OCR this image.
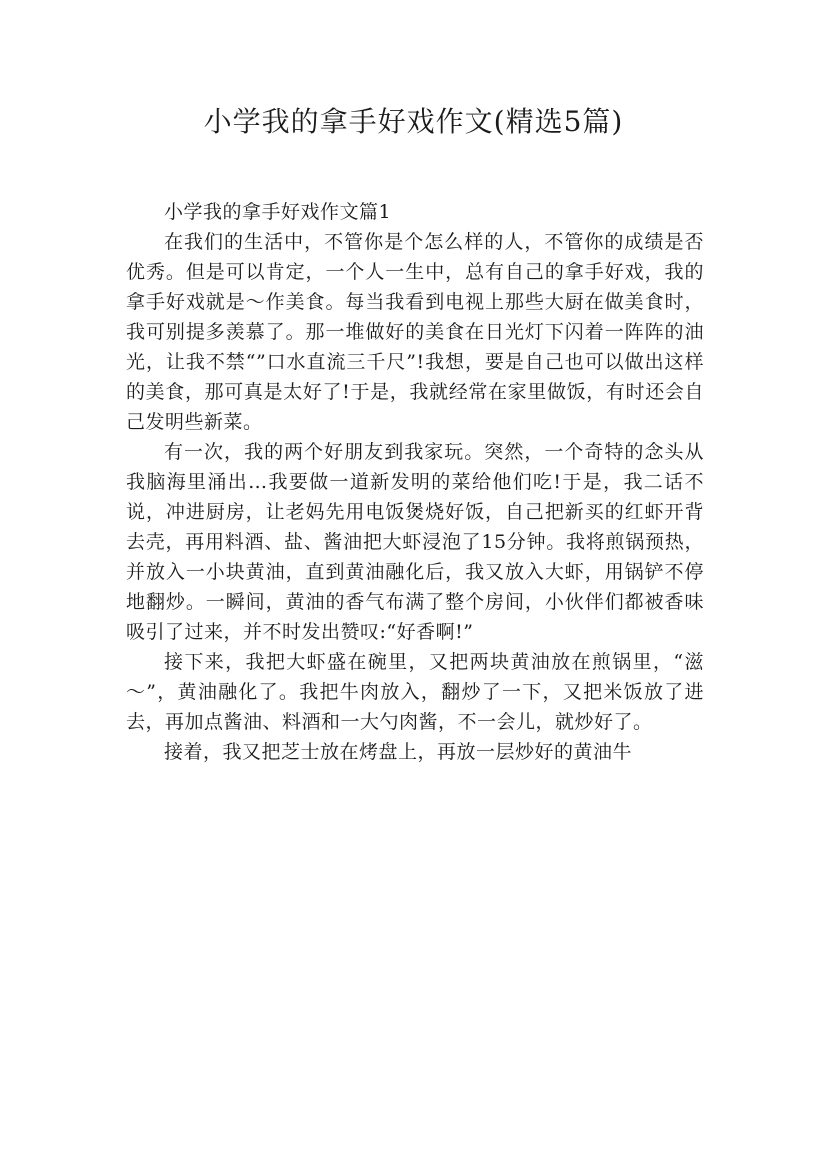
小学我的拿手好戏作文(精选5篇)

小学我的拿手好戏作文篇1

在我们的生活中，不管你是个怎么样的人，不管你的成绩是否优秀。但是可以肯定，一个人一生中，总有自己的拿手好戏，我的拿手好戏就是～作美食。每当我看到电视上那些大厨在做美食时，我可别提多羡慕了。那一堆做好的美食在日光灯下闪着一阵阵的油光，让我不禁“”口水直流三千尺”!我想，要是自己也可以做出这样的美食，那可真是太好了!于是，我就经常在家里做饭，有时还会自己发明些新菜。

有一次，我的两个好朋友到我家玩。突然，一个奇特的念头从我脑海里涌出…我要做一道新发明的菜给他们吃!于是，我二话不说，冲进厨房，让老妈先用电饭煲烧好饭，自己把新买的红虾开背去壳，再用料酒、盐、酱油把大虾浸泡了15分钟。我将煎锅预热，并放入一小块黄油，直到黄油融化后，我又放入大虾，用锅铲不停地翻炒。一瞬间，黄油的香气布满了整个房间，小伙伴们都被香味吸引了过来，并不时发出赞叹:“好香啊!”

接下来，我把大虾盛在碗里，又把两块黄油放在煎锅里，“滋～”，黄油融化了。我把牛肉放入，翻炒了一下，又把米饭放了进去，再加点酱油、料酒和一大勺肉酱，不一会儿，就炒好了。

接着，我又把芝士放在烤盘上，再放一层炒好的黄油牛
